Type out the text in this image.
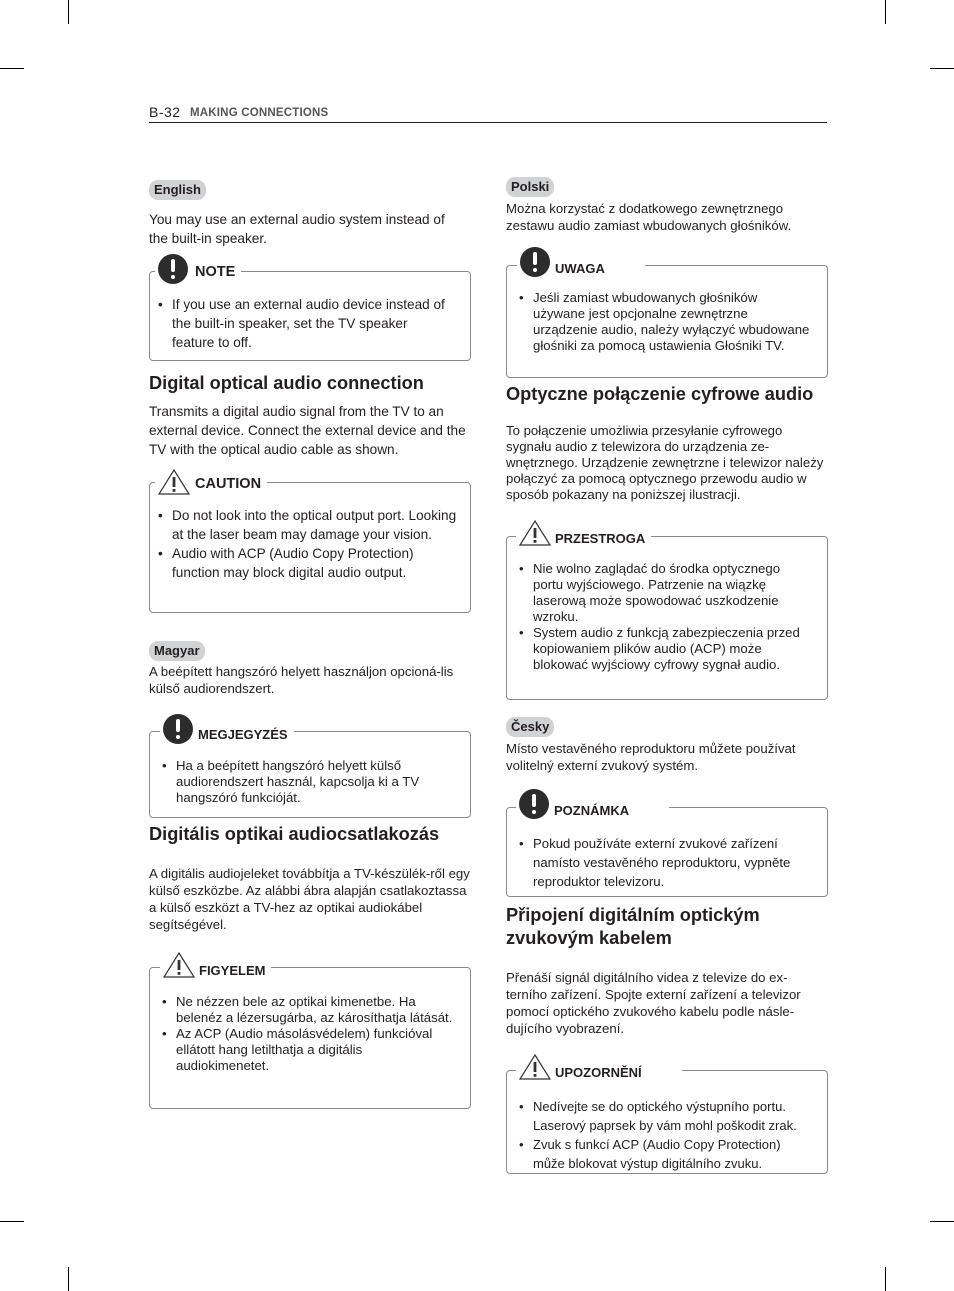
B-32 MAKING CONNECTIONS
English
You may use an external audio system instead of the built-in speaker.
NOTE
• If you use an external audio device instead of the built-in speaker, set the TV speaker feature to off.
Digital optical audio connection
Transmits a digital audio signal from the TV to an external device. Connect the external device and the TV with the optical audio cable as shown.
CAUTION
• Do not look into the optical output port. Looking at the laser beam may damage your vision.
• Audio with ACP (Audio Copy Protection) function may block digital audio output.
Magyar
A beépített hangszóró helyett használjon opcioná-lis külső audiorendszert.
MEGJEGYZÉS
• Ha a beépített hangszóró helyett külső audiorendszert használ, kapcsolja ki a TV hangszóró funkcióját.
Digitális optikai audiocsatlakozás
A digitális audiojeleket továbbítja a TV-készülék-ről egy külső eszközbe. Az alábbi ábra alapján csatlakoztassa a külső eszközt a TV-hez az optikai audiokábel segítségével.
FIGYELEM
• Ne nézzen bele az optikai kimenetbe. Ha belenéz a lézersugárba, az károsíthatja látását.
• Az ACP (Audio másolásvédelem) funkcióval ellátott hang letilthatja a digitális audiokimenetet.
Polski
Można korzystać z dodatkowego zewnętrznego zestawu audio zamiast wbudowanych głośników.
UWAGA
• Jeśli zamiast wbudowanych głośników używane jest opcjonalne zewnętrzne urządzenie audio, należy wyłączyć wbudowane głośniki za pomocą ustawienia Głośniki TV.
Optyczne połączenie cyfrowe audio
To połączenie umożliwia przesyłanie cyfrowego sygnału audio z telewizora do urządzenia ze-wnętrznego. Urządzenie zewnętrzne i telewizor należy połączyć za pomocą optycznego przewodu audio w sposób pokazany na poniższej ilustracji.
PRZESTROGA
• Nie wolno zaglądać do środka optycznego portu wyjściowego. Patrzenie na wiązkę laserową może spowodować uszkodzenie wzroku.
• System audio z funkcją zabezpieczenia przed kopiowaniem plików audio (ACP) może blokować wyjściowy cyfrowy sygnał audio.
Česky
Místo vestavěného reproduktoru můžete používat volitelný externí zvukový systém.
POZNÁMKA
• Pokud používáte externí zvukové zařízení namísto vestavěného reproduktoru, vypněte reproduktor televizoru.
Připojení digitálním optickým zvukovým kabelem
Přenáší signál digitálního videa z televize do ex-terního zařízení. Spojte externí zařízení a televizor pomocí optického zvukového kabelu podle násle-dujícího vyobrazení.
UPOZORNĚNÍ
• Nedívejte se do optického výstupního portu. Laserový paprsek by vám mohl poškodit zrak.
• Zvuk s funkcí ACP (Audio Copy Protection) může blokovat výstup digitálního zvuku.
